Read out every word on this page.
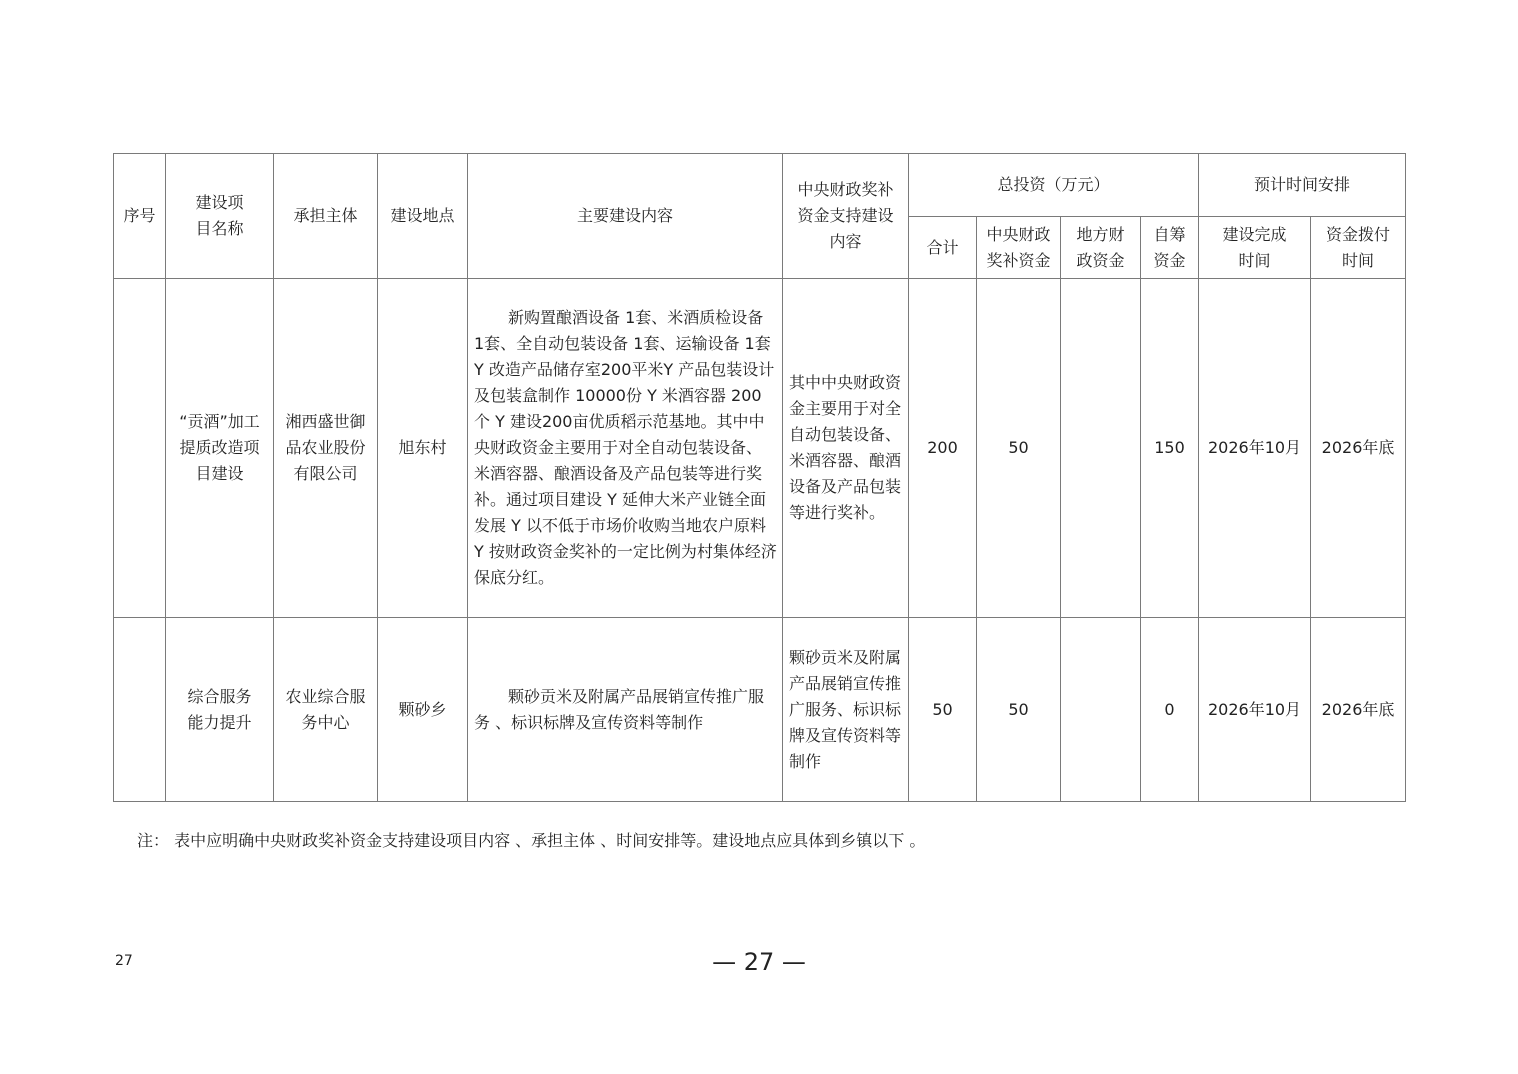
序号	建设项目名称	承担主体	建设地点	主要建设内容	中央财政奖补资金支持建设内容	总投资（万元）				预计时间安排	
						合计	中央财政奖补资金	地方财政资金	自筹资金	建设完成时间	资金拨付时间
	“贡酒”加工提质改造项目建设	湘西盛世御品农业股份有限公司	旭东村	新购置酿酒设备 1套、米酒质检设备 1套、全自动包装设备 1套、运输设备 1套Y 改造产品储存室200平米Y 产品包装设计及包装盒制作 10000份 Y 米酒容器 200个 Y 建设200亩优质稻示范基地。其中中央财政资金主要用于对全自动包装设备、米酒容器、酿酒设备及产品包装等进行奖补。通过项目建设 Y 延伸大米产业链全面发展 Y 以不低于市场价收购当地农户原料 Y 按财政资金奖补的一定比例为村集体经济保底分红。	其中中央财政资金主要用于对全自动包装设备、米酒容器、酿酒设备及产品包装等进行奖补。	200	50		150	2026年10月	2026年底
	综合服务能力提升	农业综合服务中心	颗砂乡	颗砂贡米及附属产品展销宣传推广服务 、标识标牌及宣传资料等制作	颗砂贡米及附属产品展销宣传推广服务、标识标牌及宣传资料等制作	50	50		0	2026年10月	2026年底
注： 表中应明确中央财政奖补资金支持建设项目内容 、承担主体 、时间安排等。建设地点应具体到乡镇以下 。
27	— 27 —
